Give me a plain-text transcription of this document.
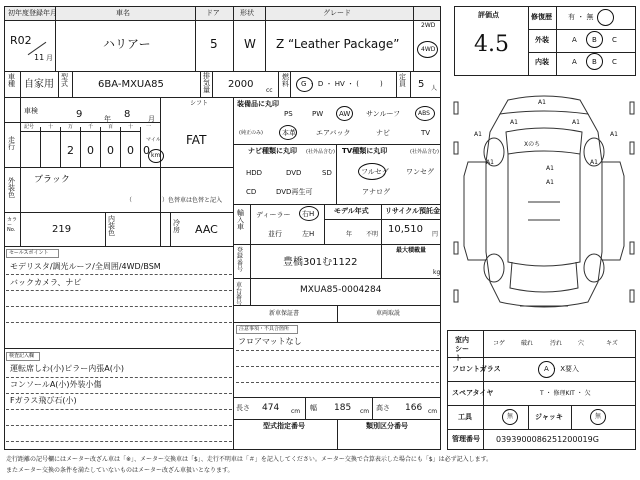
初年度登録年月	車名	ドア	形状	グレード
R02
11 月
ハリアー	5 W Z “Leather Package”
2WD
4WD
車種 自家用
型式	6BA-MXUA85
排気量 2000
cc
燃料 G ・ D ・ HV ・ (　　　)
定員 5 人
車検	9	年 8	月
シフト
FAT
走行
記号	十	万	千	百	十	一
2 0 0 0 0
マイル
km
外装色
ブラック
（　　　　　）色替車は色替と記入
カラーNo.	219
内装色
冷房 AAC
セールスポイント
モデリスタ/調光ルーフ/全周囲/4WD/BSM
バックカメラ、ナビ
検査記入欄
運転席しわ(小)ピラー内張A(小)
コンソールA(小)外装小傷
Fガラス飛び石(小)
装備品に丸印
(純正のみ)
PS	PW AW サンルーフ	ABS
本革	エアバック	ナビ	TV
ナビ種類に丸印 (社外品含む)
HDD	DVD	SD
CD	DVD再生可
TV種類に丸印	(社外品含む)
フルセグ ワンセグ
アナログ
輸入車
ディーラー 右H
並行	左H
モデル年式
年 不明
リサイクル預託金
10,510 円
最大積載量
kg
登録番号
豊橋301む1122
車台番号
MXUA85-0004284
新車保証書	車両取説
注意事項・不具合箇所
フロアマットなし
長さ 474 cm 幅 185 cm 高さ 166 cm
型式指定番号	類別区分番号
評価点
4.5
修復歴 有 ・ 無
外装	A B C
内装	A B C
A1
A1	A1
A1	A1
A1
A1
A1
A1
Xのち
室内シート
コゲ	破れ	汚れ	穴	キズ
フロントガラス	A ・ X要入
スペアタイヤ	T ・ 修理KIT ・ 欠
工具	無	ジャッキ	無
管理番号 0393900086251200019G
走行距離の記号欄にはメーター改ざん車は「※」、メーター交換車は「$」、走行不明車は「＃」を記入してください。メーター交換で合算表示した場合にも「$」は必ず記入します。
またメーター交換の条件を満たしていないものはメーター改ざん車扱いとなります。
